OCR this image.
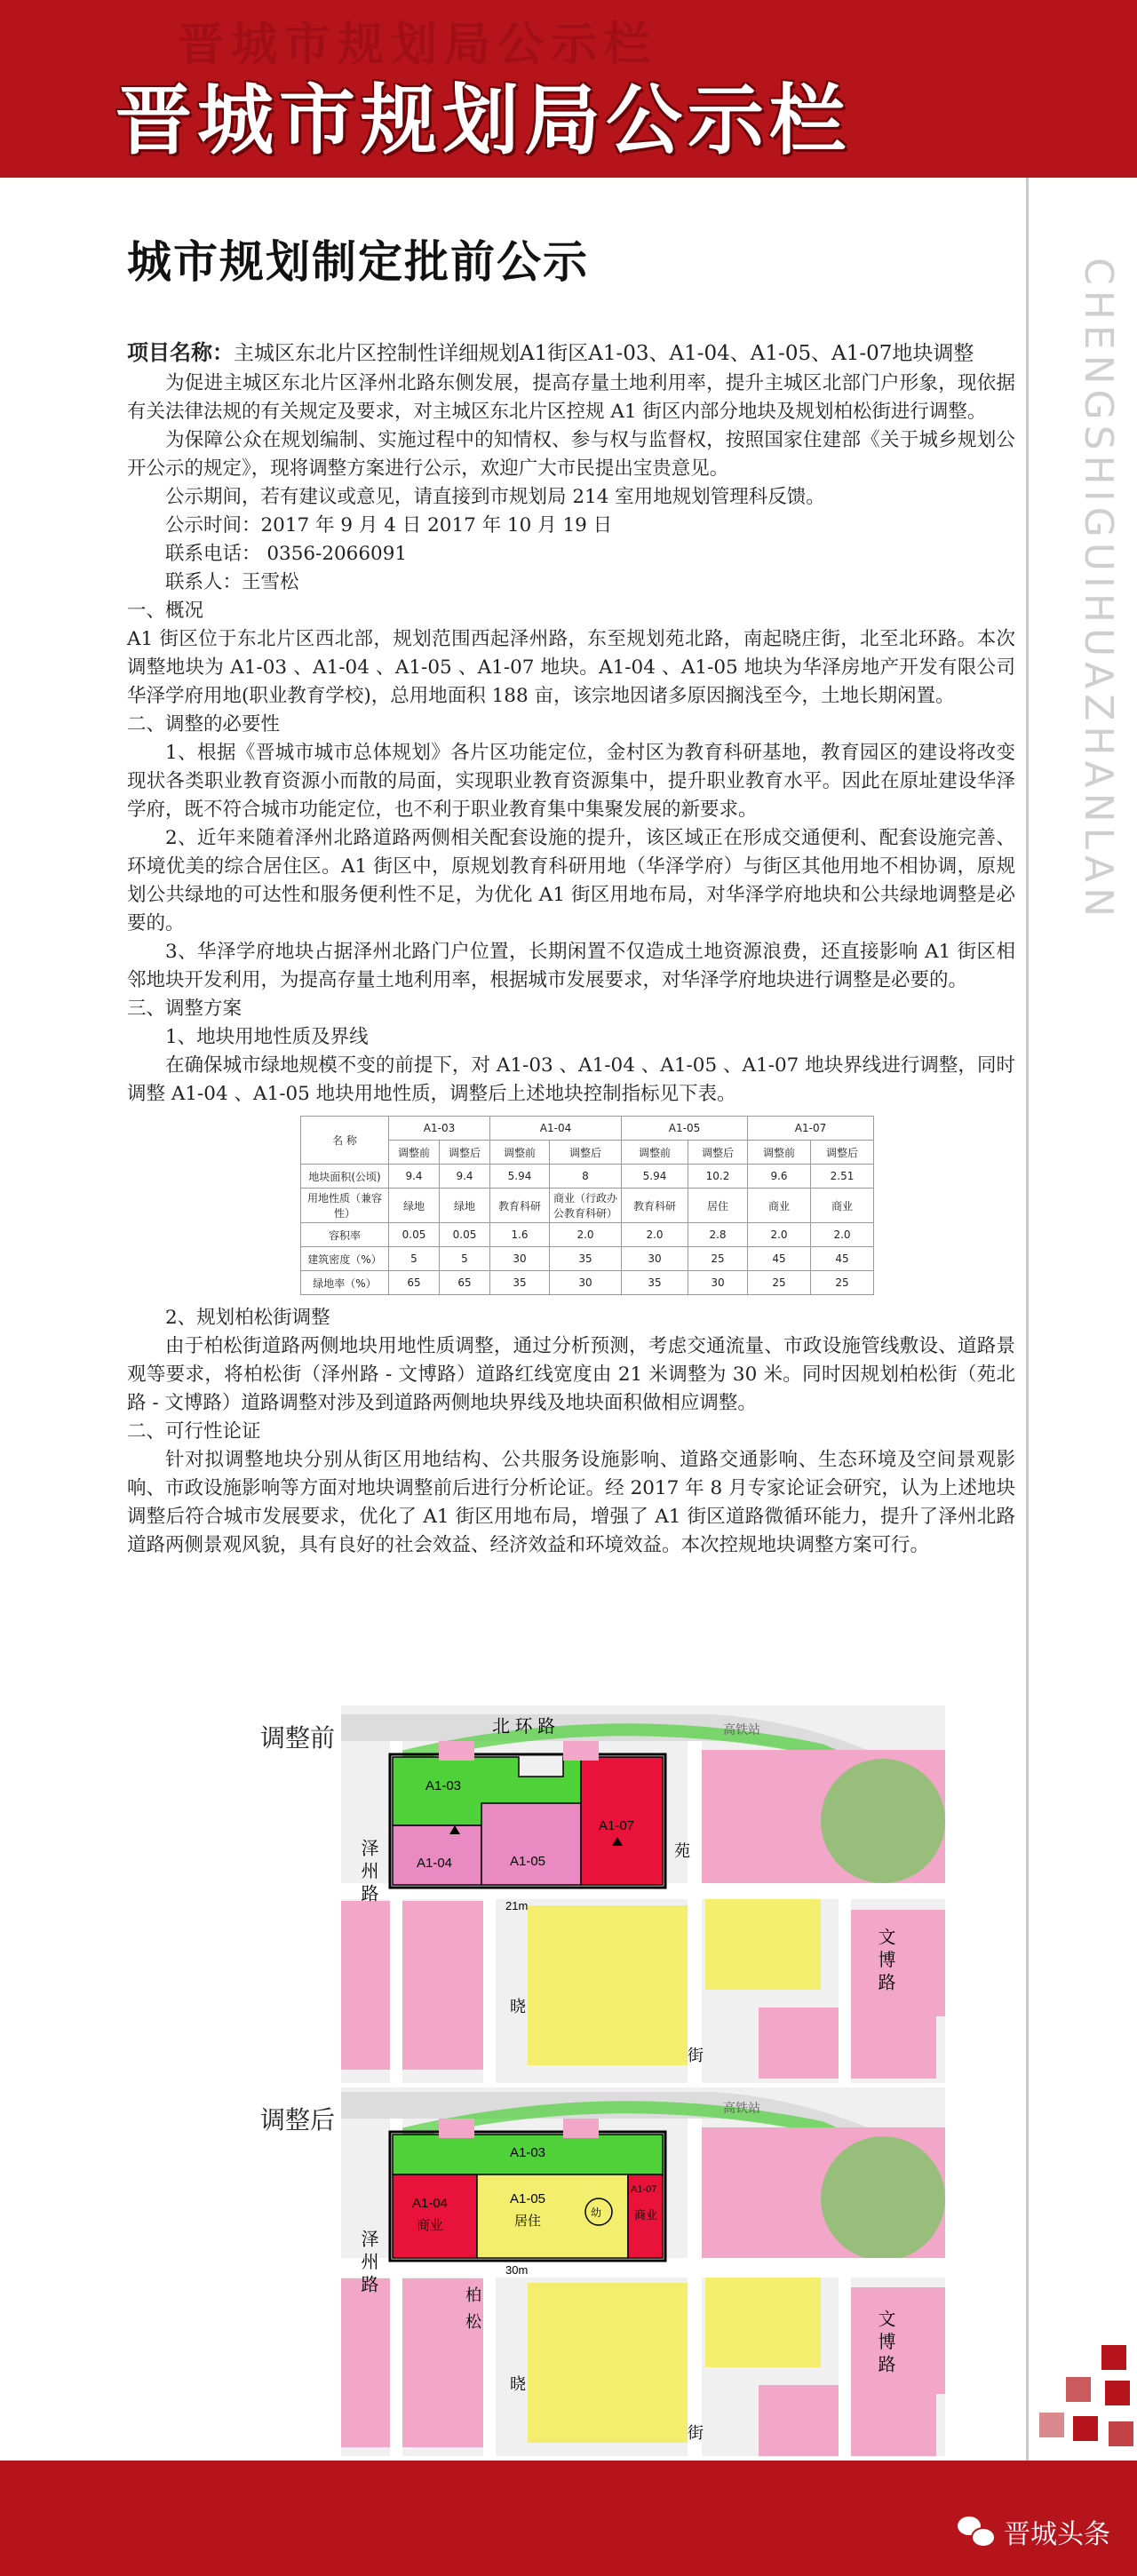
晋城市规划局公示栏
晋城市规划局公示栏
CHENGSHIGUIHUAZHANLAN
城市规划制定批前公示
项目名称：主城区东北片区控制性详细规划A1街区A1-03、A1-04、A1-05、A1-07地块调整

为促进主城区东北片区泽州北路东侧发展，提高存量土地利用率，提升主城区北部门户形象，现依据有关法律法规的有关规定及要求，对主城区东北片区控规 A1 街区内部分地块及规划柏松街进行调整。

为保障公众在规划编制、实施过程中的知情权、参与权与监督权，按照国家住建部《关于城乡规划公开公示的规定》，现将调整方案进行公示，欢迎广大市民提出宝贵意见。

公示期间，若有建议或意见，请直接到市规划局 214 室用地规划管理科反馈。

公示时间：2017 年 9 月 4 日 2017 年 10 月 19 日

联系电话： 0356-2066091

联系人：王雪松

一、概况

A1 街区位于东北片区西北部，规划范围西起泽州路，东至规划苑北路，南起晓庄街，北至北环路。本次调整地块为 A1-03 、A1-04 、A1-05 、A1-07 地块。A1-04 、A1-05 地块为华泽房地产开发有限公司华泽学府用地(职业教育学校)，总用地面积 188 亩，该宗地因诸多原因搁浅至今，土地长期闲置。

二、调整的必要性

1、根据《晋城市城市总体规划》各片区功能定位，金村区为教育科研基地，教育园区的建设将改变现状各类职业教育资源小而散的局面，实现职业教育资源集中，提升职业教育水平。因此在原址建设华泽学府，既不符合城市功能定位，也不利于职业教育集中集聚发展的新要求。

2、近年来随着泽州北路道路两侧相关配套设施的提升，该区域正在形成交通便利、配套设施完善、环境优美的综合居住区。A1 街区中，原规划教育科研用地（华泽学府）与街区其他用地不相协调，原规划公共绿地的可达性和服务便利性不足，为优化 A1 街区用地布局，对华泽学府地块和公共绿地调整是必要的。

3、华泽学府地块占据泽州北路门户位置，长期闲置不仅造成土地资源浪费，还直接影响 A1 街区相邻地块开发利用，为提高存量土地利用率，根据城市发展要求，对华泽学府地块进行调整是必要的。

三、调整方案

1、地块用地性质及界线

在确保城市绿地规模不变的前提下，对 A1-03 、A1-04 、A1-05 、A1-07 地块界线进行调整，同时调整 A1-04 、A1-05 地块用地性质，调整后上述地块控制指标见下表。

名 称	A1-03		A1-04		A1-05		A1-07	
	调整前	调整后	调整前	调整后	调整前	调整后	调整前	调整后
地块面积(公顷)	9.4	9.4	5.94	8	5.94	10.2	9.6	2.51
用地性质（兼容性）	绿地	绿地	教育科研	商业（行政办公教育科研）	教育科研	居住	商业	商业
容积率	0.05	0.05	1.6	2.0	2.0	2.8	2.0	2.0
建筑密度（%）	5	5	30	35	30	25	45	45
绿地率（%）	65	65	35	30	35	30	25	25

2、规划柏松街调整

由于柏松街道路两侧地块用地性质调整，通过分析预测，考虑交通流量、市政设施管线敷设、道路景观等要求，将柏松街（泽州路 - 文博路）道路红线宽度由 21 米调整为 30 米。同时因规划柏松街（苑北路 - 文博路）道路调整对涉及到道路两侧地块界线及地块面积做相应调整。

二、可行性论证

针对拟调整地块分别从街区用地结构、公共服务设施影响、道路交通影响、生态环境及空间景观影响、市政设施影响等方面对地块调整前后进行分析论证。经 2017 年 8 月专家论证会研究，认为上述地块调整后符合城市发展要求，优化了 A1 街区用地布局，增强了 A1 街区道路微循环能力，提升了泽州北路道路两侧景观风貌，具有良好的社会效益、经济效益和环境效益。本次控规地块调整方案可行。

调整前
调整后
A1-03
A1-04	A1-05
A1-07
21m
北 环 路	高铁站
泽 州 路	苑
文 博 路
晓
街
幼
A1-03
A1-04
商业
A1-05
居住
A1-07
商业
30m
高铁站
泽 州 路
柏
松	文 博 路
晓
街
晋城头条
